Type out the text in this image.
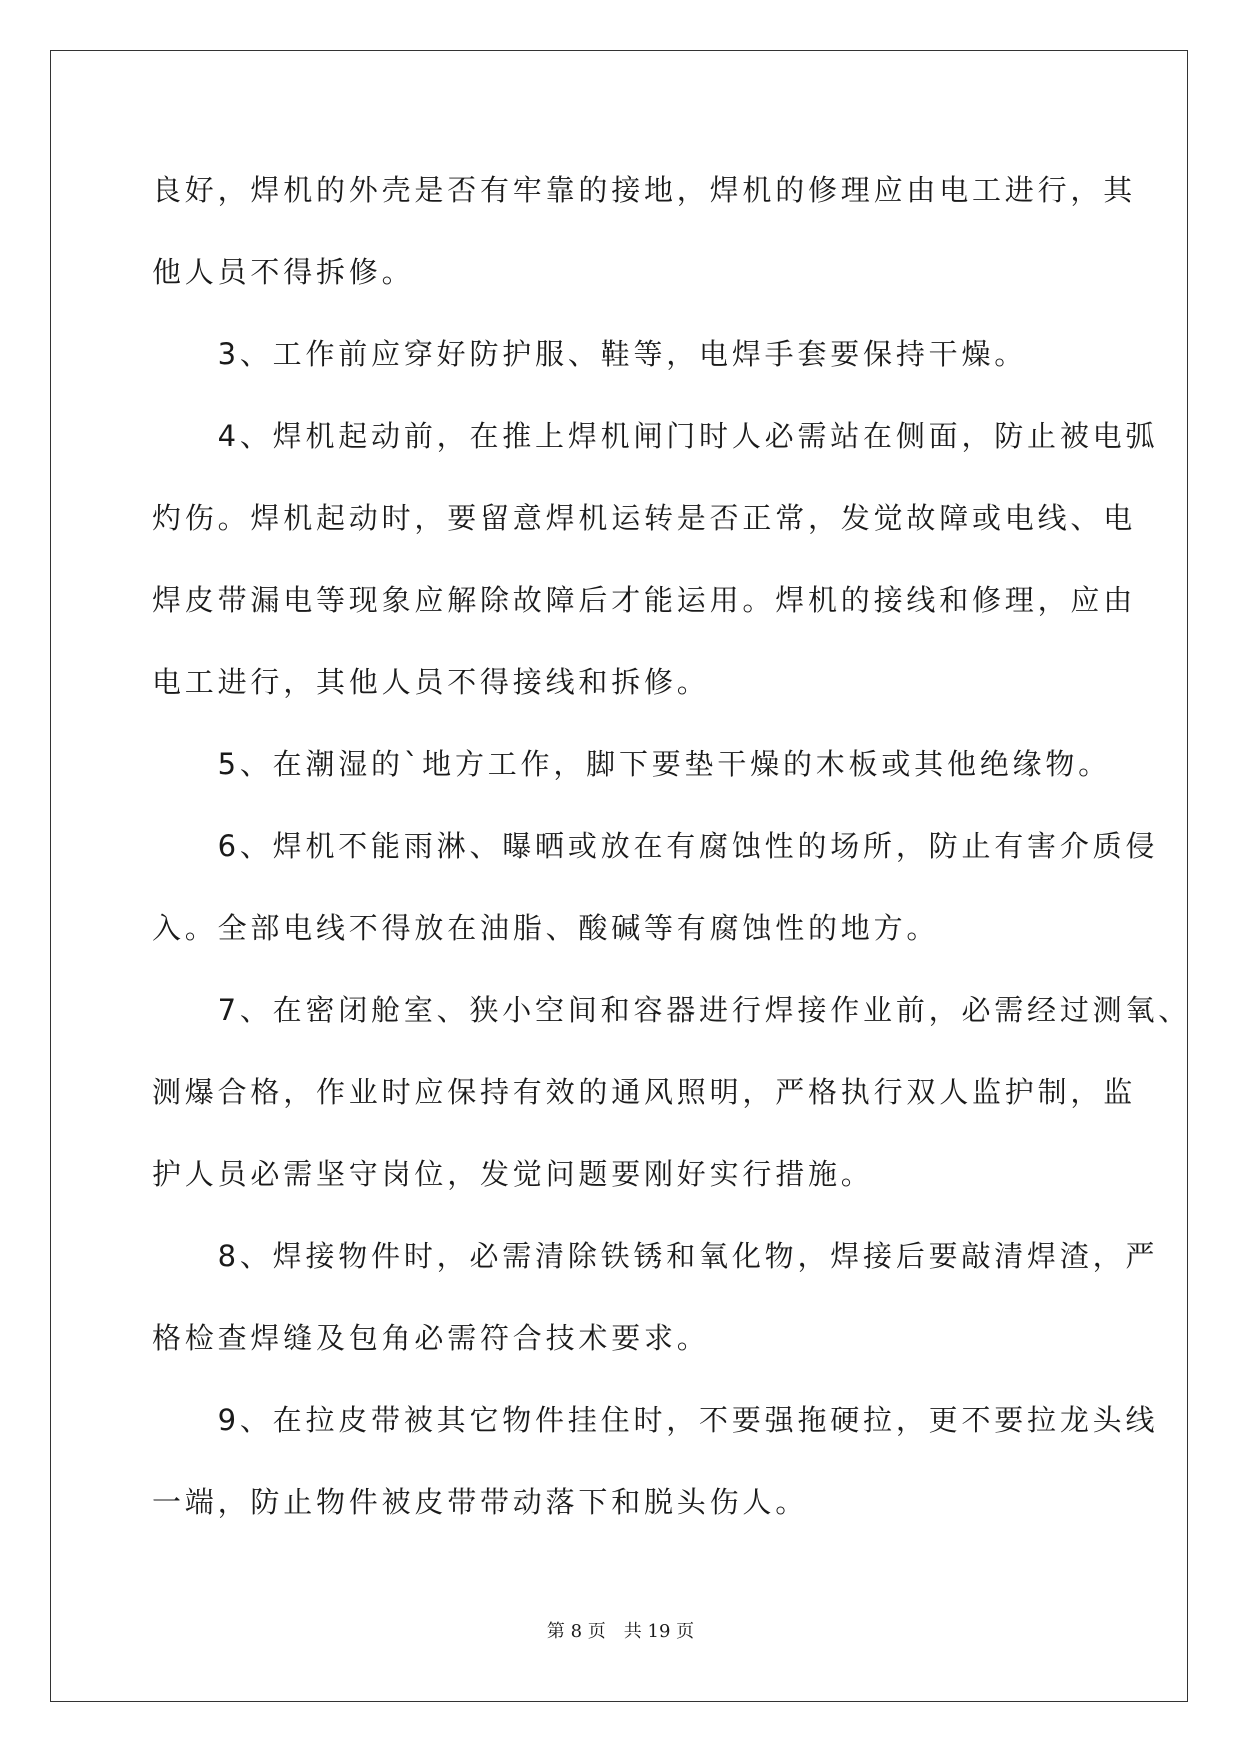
良好，焊机的外壳是否有牢靠的接地，焊机的修理应由电工进行，其
他人员不得拆修。
　　3、工作前应穿好防护服、鞋等，电焊手套要保持干燥。
　　4、焊机起动前，在推上焊机闸门时人必需站在侧面，防止被电弧
灼伤。焊机起动时，要留意焊机运转是否正常，发觉故障或电线、电
焊皮带漏电等现象应解除故障后才能运用。焊机的接线和修理，应由
电工进行，其他人员不得接线和拆修。
　　5、在潮湿的`地方工作，脚下要垫干燥的木板或其他绝缘物。
　　6、焊机不能雨淋、曝晒或放在有腐蚀性的场所，防止有害介质侵
入。全部电线不得放在油脂、酸碱等有腐蚀性的地方。
　　7、在密闭舱室、狭小空间和容器进行焊接作业前，必需经过测氧、
测爆合格，作业时应保持有效的通风照明，严格执行双人监护制，监
护人员必需坚守岗位，发觉问题要刚好实行措施。
　　8、焊接物件时，必需清除铁锈和氧化物，焊接后要敲清焊渣，严
格检查焊缝及包角必需符合技术要求。
　　9、在拉皮带被其它物件挂住时，不要强拖硬拉，更不要拉龙头线
一端，防止物件被皮带带动落下和脱头伤人。
第 8 页　共 19 页
